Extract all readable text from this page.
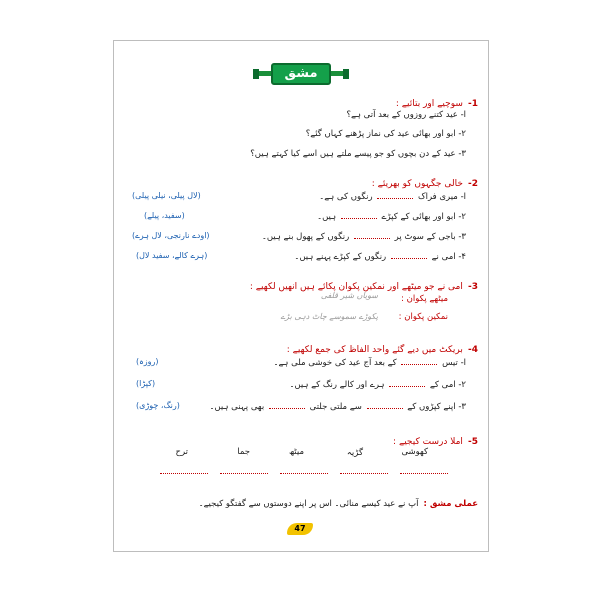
مشق
1- سوچیے اور بتائیے :
ا- عید کتنے روزوں کے بعد آتی ہے؟
۲- ابو اور بھائی عید کی نماز پڑھنے کہاں گئے؟
۳- عید کے دن بچوں کو جو پیسے ملتے ہیں اسے کیا کہتے ہیں؟
2- خالی جگہوں کو بھریئے :
ا- میری فراک  رنگوں کی ہے۔
(لال پیلی، نیلی پیلی)
۲- ابو اور بھائی کے کپڑے  ہیں۔
(سفید، پیلے)
۳- باجی کے سوٹ پر  رنگوں کے پھول بنے ہیں۔
(اودے نارنجی، لال ہرے)
۴- امی نے  رنگوں کے کپڑے پہنے ہیں۔
(ہرے کالے، سفید لال)
3- امی نے جو میٹھے اور نمکین پکوان پکائے ہیں انھیں لکھیے :
میٹھے پکوان :
سویاں شیر قلفی
نمکین پکوان :
پکوڑے سموسے چاٹ دہی بڑے
4- بریکٹ میں دیے گئے واحد الفاظ کی جمع لکھیے :
ا- تیس  کے بعد آج عید کی خوشی ملی ہے۔
(روزہ)
۲- امی کے  ہرے اور کالے رنگ کے ہیں۔
(کپڑا)
۳- اپنے کپڑوں کے  سے ملتی جلتی  بھی پہنی ہیں۔
(رنگ، چوڑی)
5- املا درست کیجیے :
کھوشی
گڑیہ
میٹھ
جما
ترح
عملی مشق : آپ نے عید کیسے منائی۔ اس پر اپنے دوستوں سے گفتگو کیجیے۔
47
